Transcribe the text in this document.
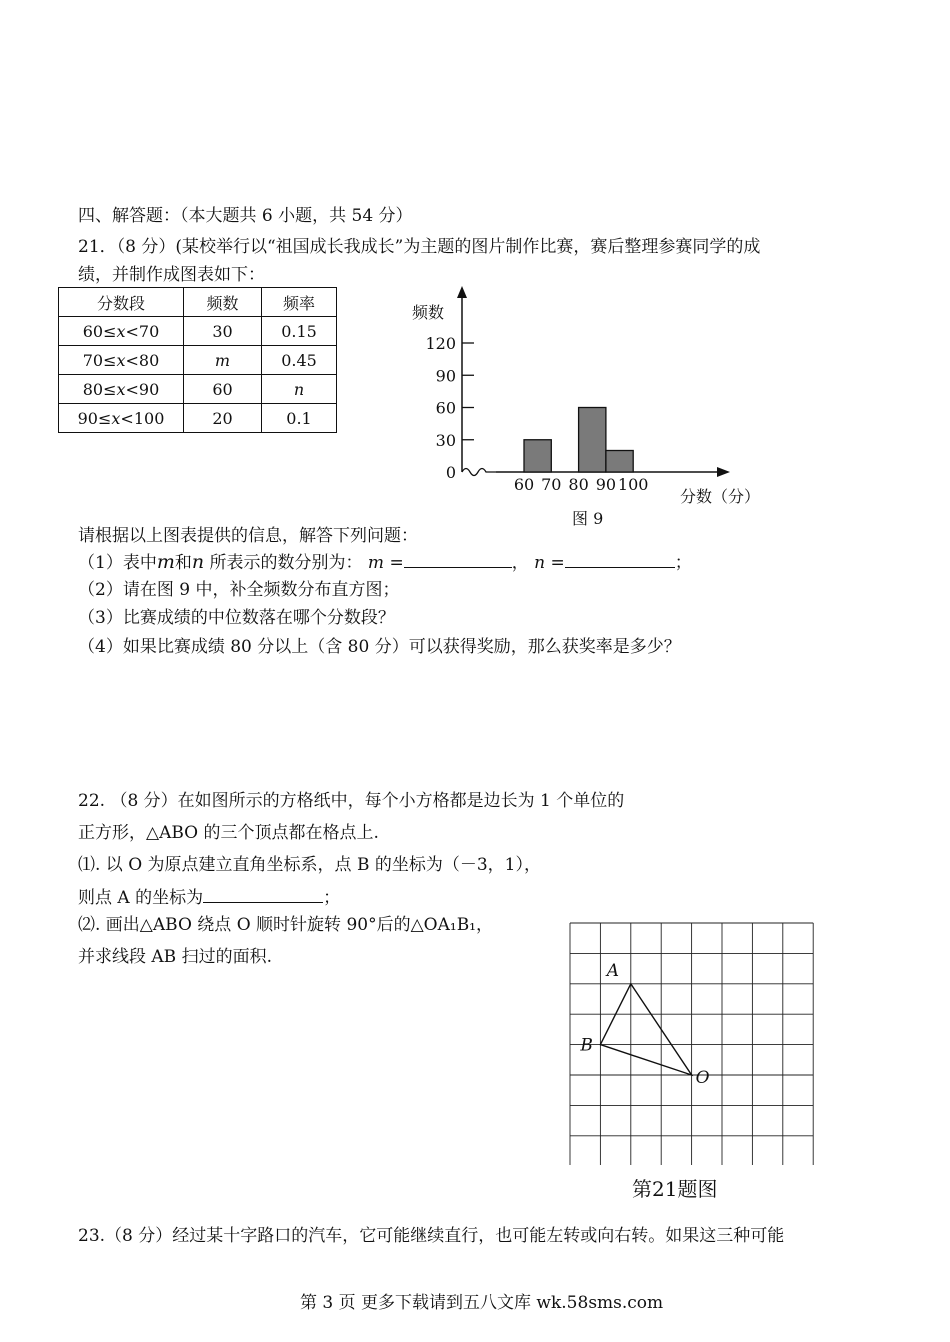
四、解答题：（本大题共 6 小题，共 54 分）
21．（8 分）(某校举行以“祖国成长我成长”为主题的图片制作比赛，赛后整理参赛同学的成
绩，并制作成图表如下：
分数段	频数	频率
60≤x<70	30	0.15
70≤x<80	m	0.45
80≤x<90	60	n
90≤x<100	20	0.1
0
30
60
90
120
60 70 80 90 100
频数
分数（分）
图 9
请根据以上图表提供的信息，解答下列问题：
（1）表中m和n 所表示的数分别为： m =	， n =	；
（2）请在图 9 中，补全频数分布直方图；
（3）比赛成绩的中位数落在哪个分数段？
（4）如果比赛成绩 80 分以上（含 80 分）可以获得奖励，那么获奖率是多少？
22. （8 分）在如图所示的方格纸中，每个小方格都是边长为 1 个单位的
正方形，△ABO 的三个顶点都在格点上.
⑴. 以 O 为原点建立直角坐标系，点 B 的坐标为（－3，1），
则点 A 的坐标为	；
⑵. 画出△ABO 绕点 O 顺时针旋转 90°后的△OA₁B₁，
并求线段 AB 扫过的面积.
A
B
O
第21题图
23.（8 分）经过某十字路口的汽车，它可能继续直行，也可能左转或向右转。如果这三种可能
第 3 页 更多下载请到五八文库 wk.58sms.com
